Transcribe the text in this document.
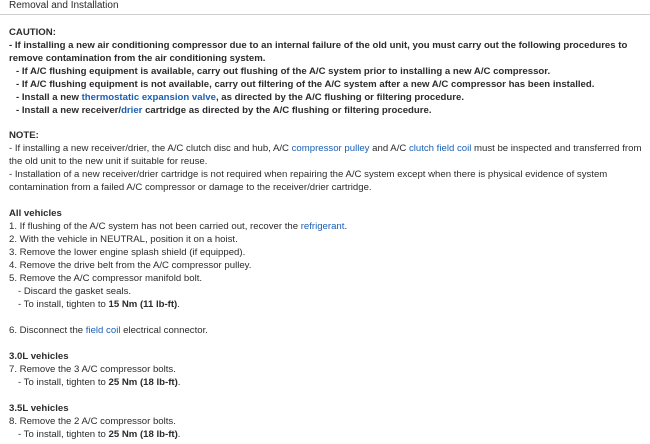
Removal and Installation
CAUTION:
- If installing a new air conditioning compressor due to an internal failure of the old unit, you must carry out the following procedures to remove contamination from the air conditioning system.
- If A/C flushing equipment is available, carry out flushing of the A/C system prior to installing a new A/C compressor.
- If A/C flushing equipment is not available, carry out filtering of the A/C system after a new A/C compressor has been installed.
- Install a new thermostatic expansion valve, as directed by the A/C flushing or filtering procedure.
- Install a new receiver/drier cartridge as directed by the A/C flushing or filtering procedure.
NOTE:
- If installing a new receiver/drier, the A/C clutch disc and hub, A/C compressor pulley and A/C clutch field coil must be inspected and transferred from the old unit to the new unit if suitable for reuse.
- Installation of a new receiver/drier cartridge is not required when repairing the A/C system except when there is physical evidence of system contamination from a failed A/C compressor or damage to the receiver/drier cartridge.
All vehicles
1. If flushing of the A/C system has not been carried out, recover the refrigerant.
2. With the vehicle in NEUTRAL, position it on a hoist.
3. Remove the lower engine splash shield (if equipped).
4. Remove the drive belt from the A/C compressor pulley.
5. Remove the A/C compressor manifold bolt.
- Discard the gasket seals.
- To install, tighten to 15 Nm (11 lb-ft).
6. Disconnect the field coil electrical connector.
3.0L vehicles
7. Remove the 3 A/C compressor bolts.
- To install, tighten to 25 Nm (18 lb-ft).
3.5L vehicles
8. Remove the 2 A/C compressor bolts.
- To install, tighten to 25 Nm (18 lb-ft).
